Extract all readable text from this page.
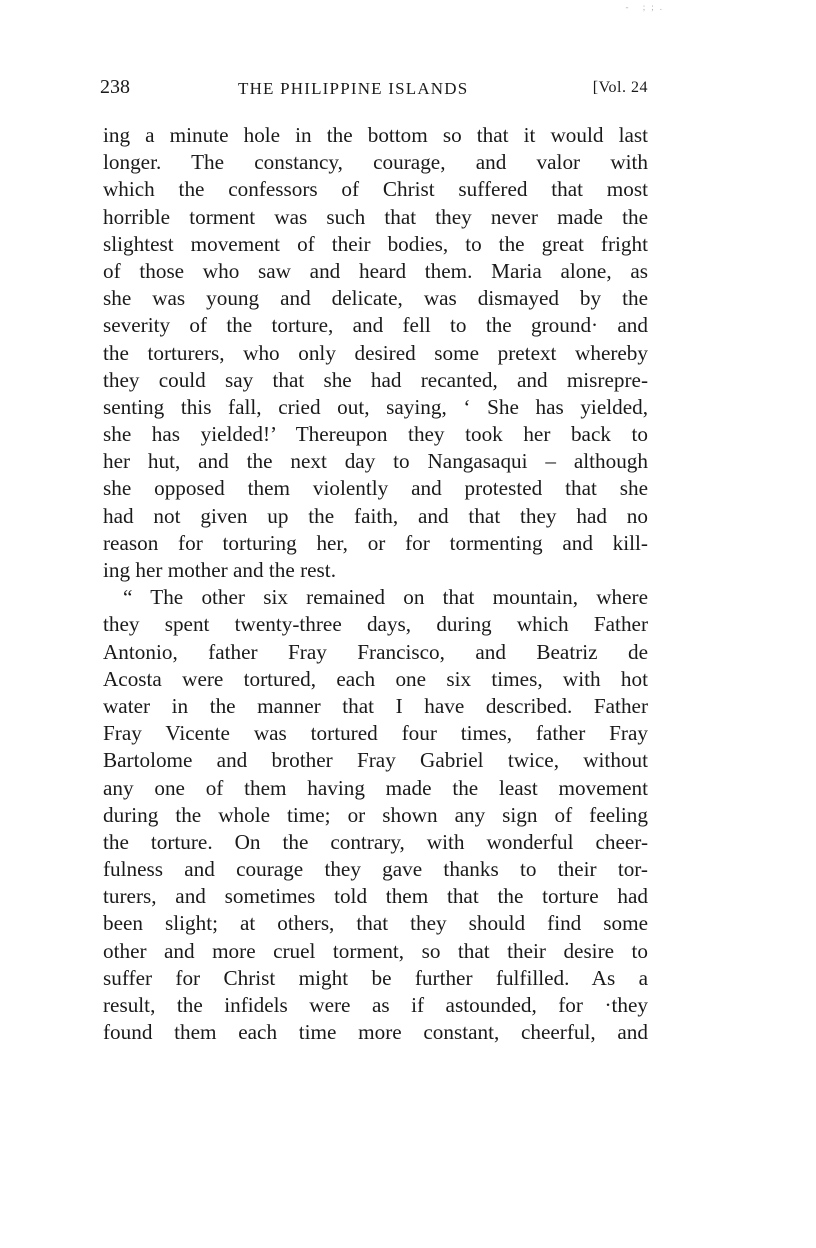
- ;;.
238	THE PHILIPPINE ISLANDS	[Vol. 24
ing a minute hole in the bottom so that it would last
longer. The constancy, courage, and valor with
which the confessors of Christ suffered that most
horrible torment was such that they never made the
slightest movement of their bodies, to the great fright
of those who saw and heard them. Maria alone, as
she was young and delicate, was dismayed by the
severity of the torture, and fell to the ground· and
the torturers, who only desired some pretext whereby
they could say that she had recanted, and misrepre-
senting this fall, cried out, saying, ‘ She has yielded,
she has yielded!’ Thereupon they took her back to
her hut, and the next day to Nangasaqui – although
she opposed them violently and protested that she
had not given up the faith, and that they had no
reason for torturing her, or for tormenting and kill-
ing her mother and the rest.
“ The other six remained on that mountain, where
they spent twenty-three days, during which Father
Antonio, father Fray Francisco, and Beatriz de
Acosta were tortured, each one six times, with hot
water in the manner that I have described. Father
Fray Vicente was tortured four times, father Fray
Bartolome and brother Fray Gabriel twice, without
any one of them having made the least movement
during the whole time; or shown any sign of feeling
the torture. On the contrary, with wonderful cheer-
fulness and courage they gave thanks to their tor-
turers, and sometimes told them that the torture had
been slight; at others, that they should find some
other and more cruel torment, so that their desire to
suffer for Christ might be further fulfilled. As a
result, the infidels were as if astounded, for ·they
found them each time more constant, cheerful, and
